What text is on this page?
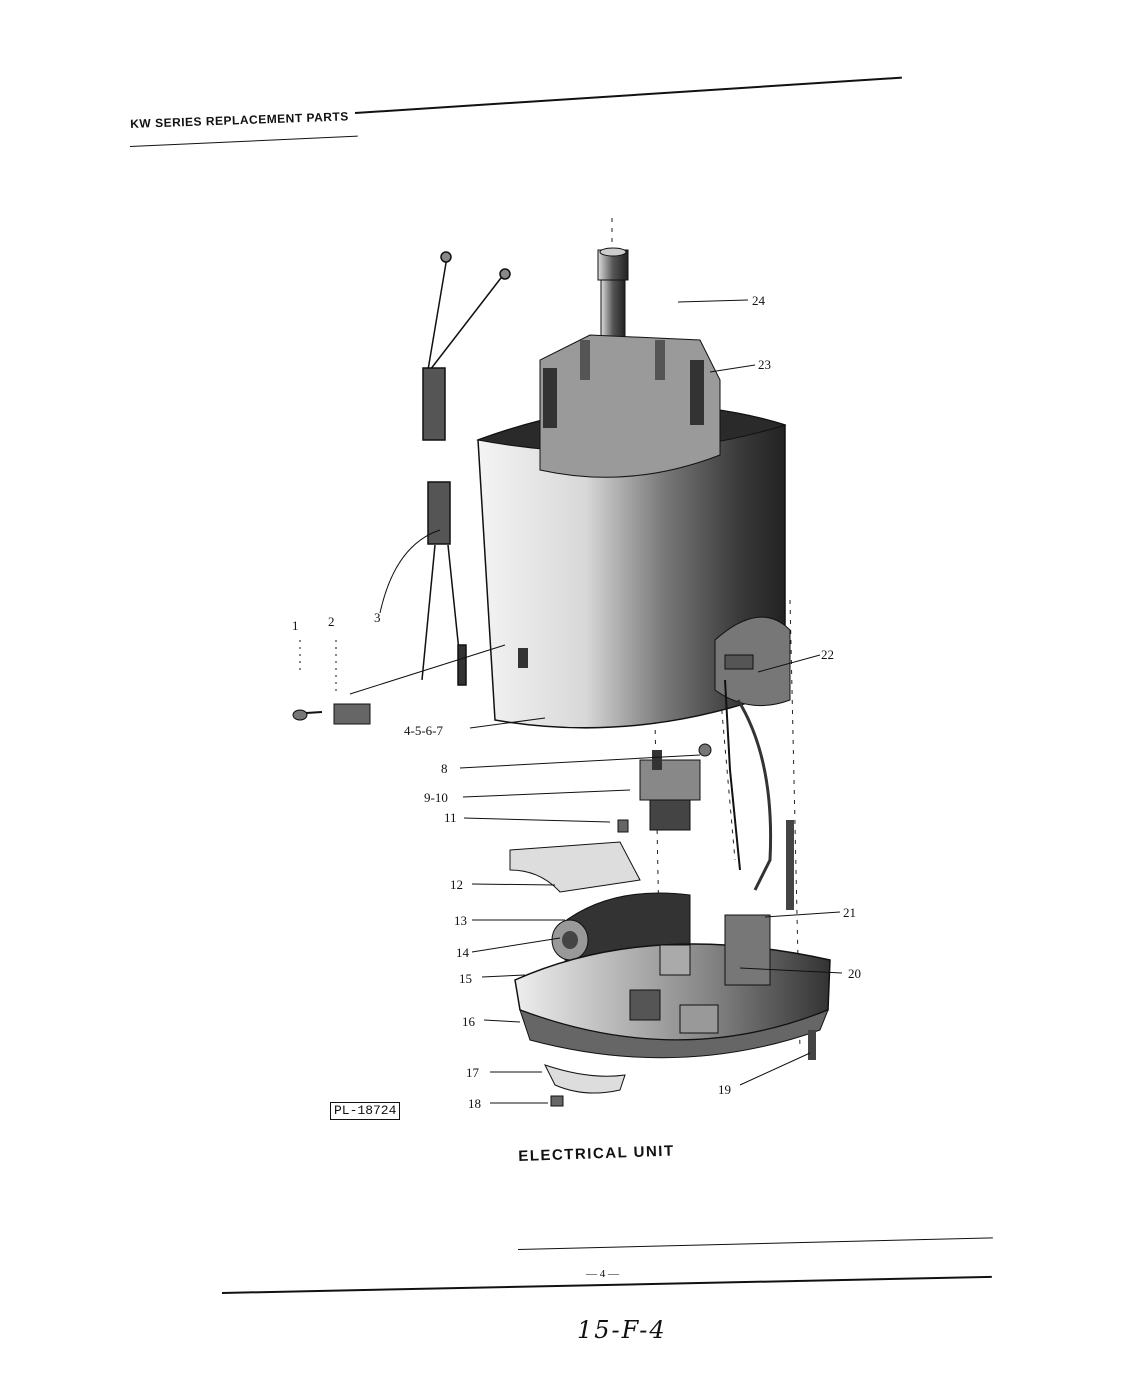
KW SERIES REPLACEMENT PARTS
1 2	3
4-5-6-7
8
9-10
11
12
13
14
15
16
17
18
19
20
21
22
23
24
PL-18724
ELECTRICAL UNIT
— 4 —
15-F-4
